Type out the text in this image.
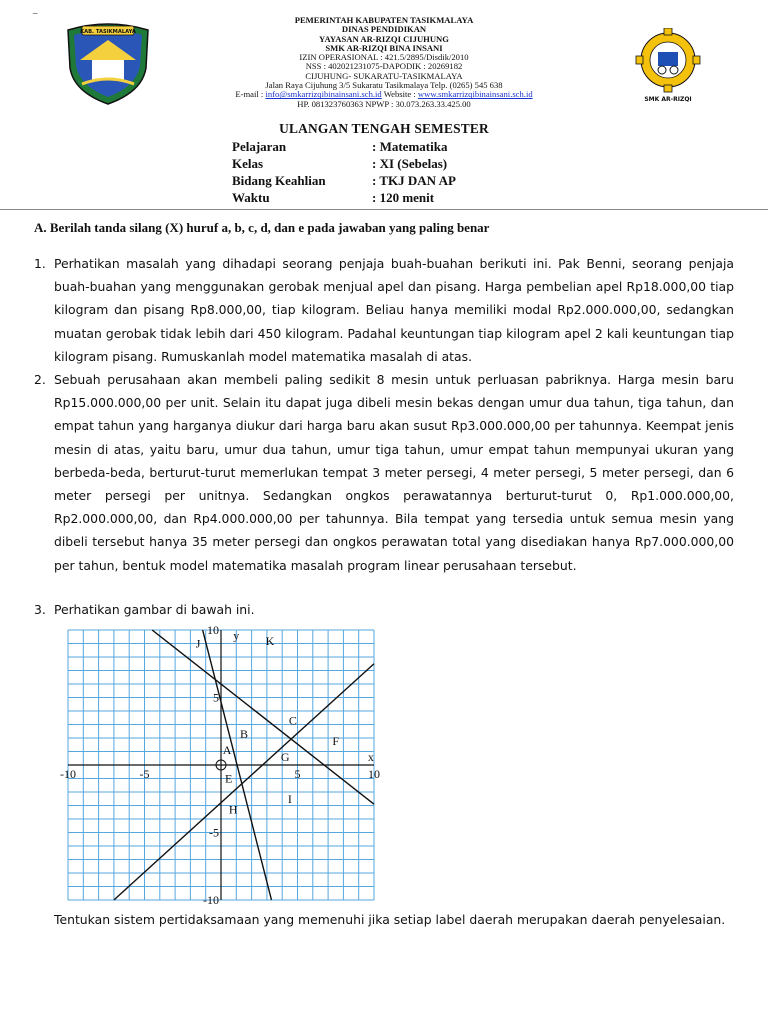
–
KAB. TASIKMALAYA
SMK AR-RIZQI
PEMERINTAH KABUPATEN TASIKMALAYA
DINAS PENDIDIKAN
YAYASAN AR-RIZQI CIJUHUNG
SMK AR-RIZQI BINA INSANI
IZIN OPERASIONAL : 421.5/2895/Disdik/2010
NSS : 402021231075-DAPODIK : 20269182
CIJUHUNG- SUKARATU-TASIKMALAYA
Jalan Raya Cijuhung 3/5 Sukaratu Tasikmalaya Telp. (0265) 545 638
E-mail : info@smkarrizqibinainsani.sch.id Website : www.smkarrizqibinainsani.sch.id
HP. 081323760363 NPWP : 30.073.263.33.425.00
ULANGAN TENGAH SEMESTER
Pelajaran	: Matematika
Kelas	: XI (Sebelas)
Bidang Keahlian	: TKJ DAN AP
Waktu	: 120 menit
A. Berilah tanda silang (X) huruf a, b, c, d, dan e pada jawaban yang paling benar
1. Perhatikan masalah yang dihadapi seorang penjaja buah-buahan berikuti ini. Pak Benni, seorang penjaja buah-buahan yang menggunakan gerobak menjual apel dan pisang. Harga pembelian apel Rp18.000,00 tiap kilogram dan pisang Rp8.000,00, tiap kilogram. Beliau hanya memiliki modal Rp2.000.000,00, sedangkan muatan gerobak tidak lebih dari 450 kilogram. Padahal keuntungan tiap kilogram apel 2 kali keuntungan tiap kilogram pisang. Rumuskanlah model matematika masalah di atas.
2. Sebuah perusahaan akan membeli paling sedikit 8 mesin untuk perluasan pabriknya. Harga mesin baru Rp15.000.000,00 per unit. Selain itu dapat juga dibeli mesin bekas dengan umur dua tahun, tiga tahun, dan empat tahun yang harganya diukur dari harga baru akan susut Rp3.000.000,00 per tahunnya. Keempat jenis mesin di atas, yaitu baru, umur dua tahun, umur tiga tahun, umur empat tahun mempunyai ukuran yang berbeda-beda, berturut-turut memerlukan tempat 3 meter persegi, 4 meter persegi, 5 meter persegi, dan 6 meter persegi per unitnya. Sedangkan ongkos perawatannya berturut-turut 0, Rp1.000.000,00, Rp2.000.000,00, dan Rp4.000.000,00 per tahunnya. Bila tempat yang tersedia untuk semua mesin yang dibeli tersebut hanya 35 meter persegi dan ongkos perawatan total yang disediakan hanya Rp7.000.000,00 per tahun, bentuk model matematika masalah program linear perusahaan tersebut.
3. Perhatikan gambar di bawah ini.
-10	-5	5	10
10
5
-5
-10
x
y
J	K
C
B	F
A	G
E
H
I
Tentukan sistem pertidaksamaan yang memenuhi jika setiap label daerah merupakan daerah penyelesaian.
